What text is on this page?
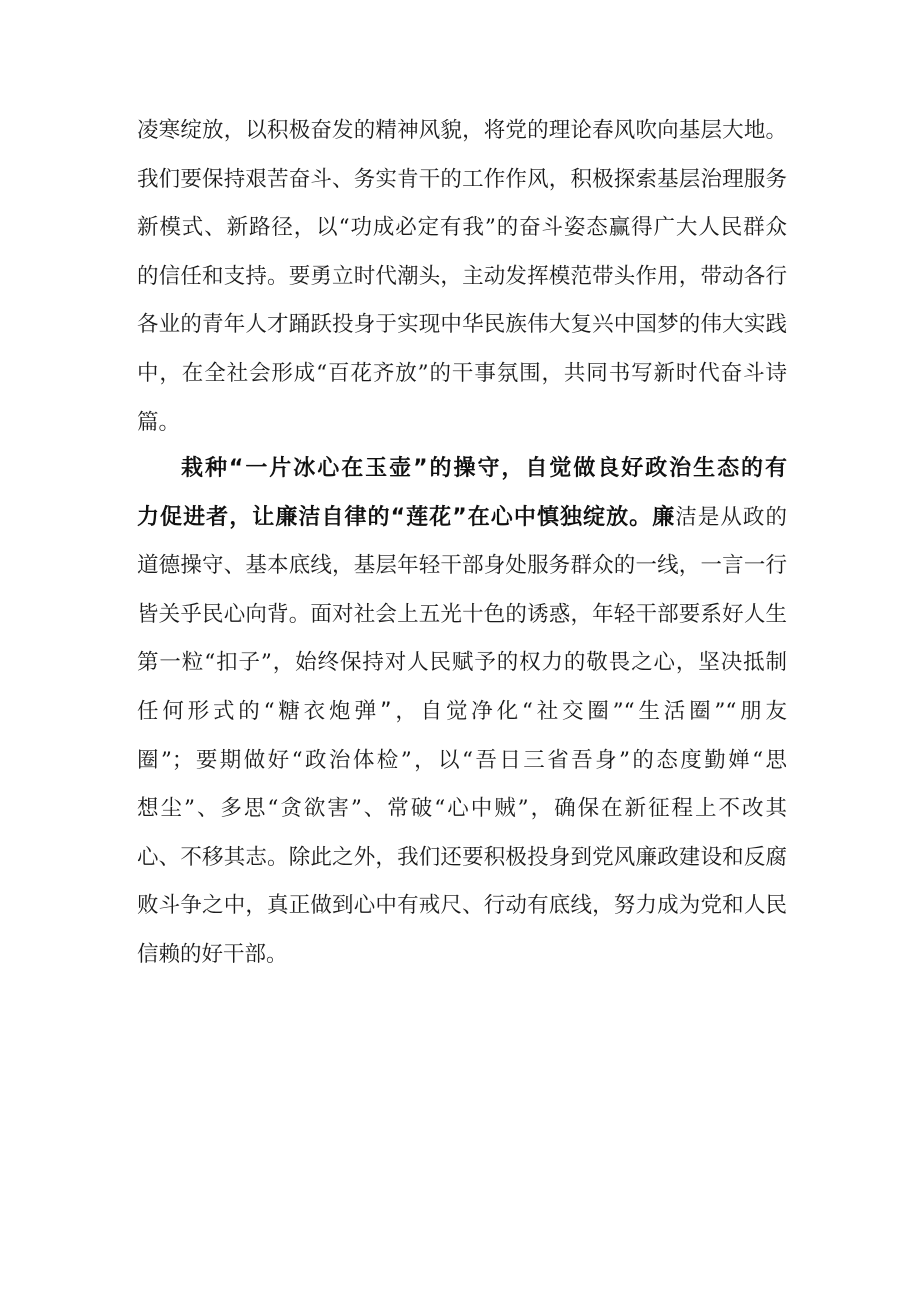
凌寒绽放，以积极奋发的精神风貌，将党的理论春风吹向基层大地。
我们要保持艰苦奋斗、务实肯干的工作作风，积极探索基层治理服务
新模式、新路径，以“功成必定有我”的奋斗姿态赢得广大人民群众
的信任和支持。要勇立时代潮头，主动发挥模范带头作用，带动各行
各业的青年人才踊跃投身于实现中华民族伟大复兴中国梦的伟大实践
中，在全社会形成“百花齐放”的干事氛围，共同书写新时代奋斗诗
篇。
栽种“一片冰心在玉壶”的操守，自觉做良好政治生态的有
力促进者，让廉洁自律的“莲花”在心中慎独绽放。廉洁是从政的
道德操守、基本底线，基层年轻干部身处服务群众的一线，一言一行
皆关乎民心向背。面对社会上五光十色的诱惑，年轻干部要系好人生
第一粒“扣子”，始终保持对人民赋予的权力的敬畏之心，坚决抵制
任何形式的“糖衣炮弹”，自觉净化“社交圈”“生活圈”“朋友
圈”；要期做好“政治体检”，以“吾日三省吾身”的态度勤婵“思
想尘”、多思“贪欲害”、常破“心中贼”，确保在新征程上不改其
心、不移其志。除此之外，我们还要积极投身到党风廉政建设和反腐
败斗争之中，真正做到心中有戒尺、行动有底线，努力成为党和人民
信赖的好干部。
